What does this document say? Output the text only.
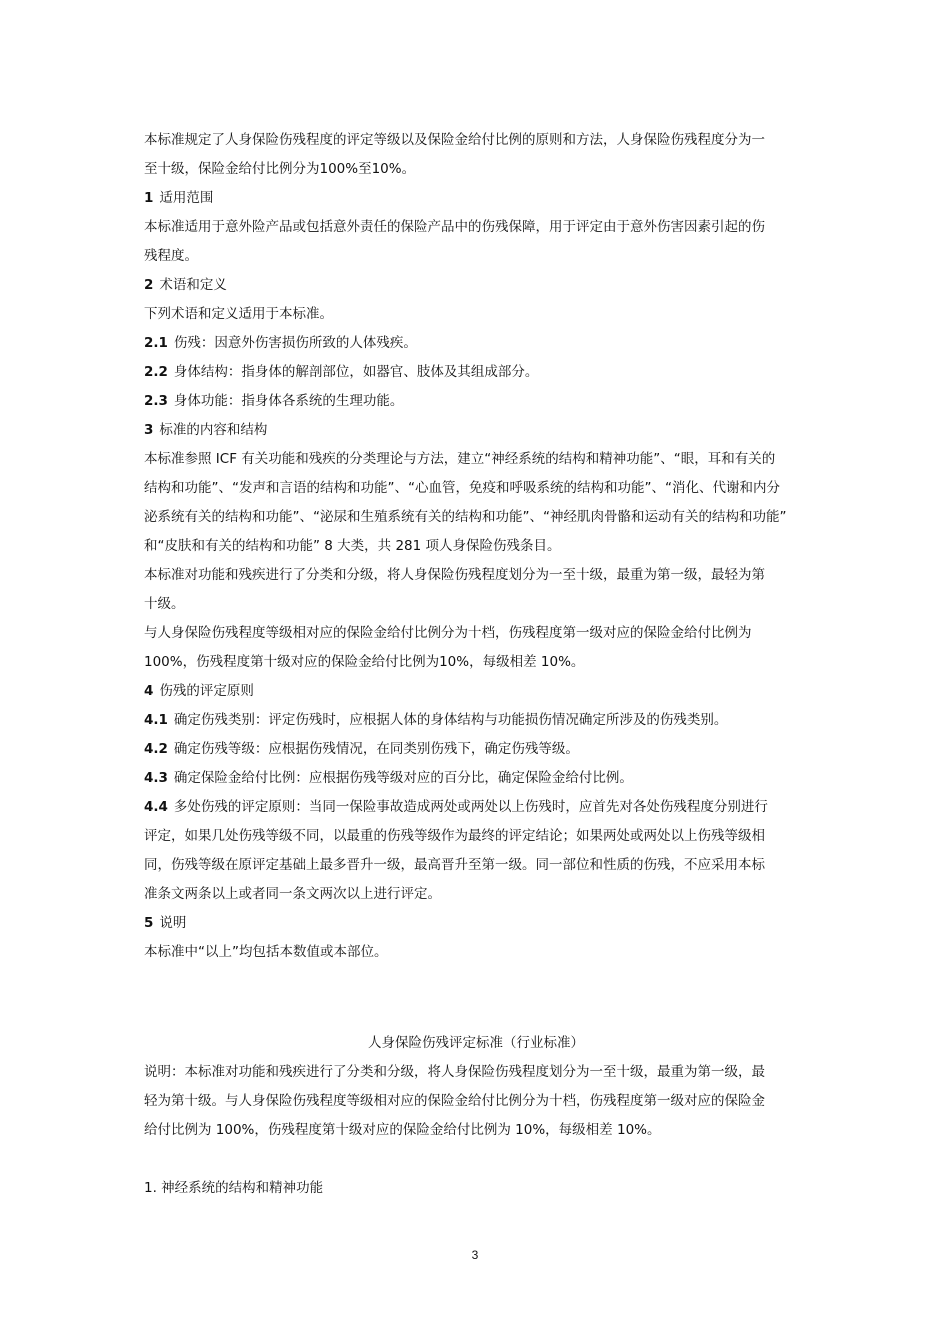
本标准规定了人身保险伤残程度的评定等级以及保险金给付比例的原则和方法，人身保险伤残程度分为一

至十级，保险金给付比例分为100%至10%。

1 适用范围

本标准适用于意外险产品或包括意外责任的保险产品中的伤残保障，用于评定由于意外伤害因素引起的伤

残程度。

2 术语和定义

下列术语和定义适用于本标准。

2.1 伤残：因意外伤害损伤所致的人体残疾。

2.2 身体结构：指身体的解剖部位，如器官、肢体及其组成部分。

2.3 身体功能：指身体各系统的生理功能。

3 标准的内容和结构

本标准参照 ICF 有关功能和残疾的分类理论与方法，建立“神经系统的结构和精神功能”、“眼，耳和有关的

结构和功能”、“发声和言语的结构和功能”、“心血管，免疫和呼吸系统的结构和功能”、“消化、代谢和内分

泌系统有关的结构和功能”、“泌尿和生殖系统有关的结构和功能”、“神经肌肉骨骼和运动有关的结构和功能”

和“皮肤和有关的结构和功能” 8 大类，共 281 项人身保险伤残条目。

本标准对功能和残疾进行了分类和分级，将人身保险伤残程度划分为一至十级，最重为第一级，最轻为第

十级。

与人身保险伤残程度等级相对应的保险金给付比例分为十档，伤残程度第一级对应的保险金给付比例为

100%，伤残程度第十级对应的保险金给付比例为10%，每级相差 10%。

4 伤残的评定原则

4.1 确定伤残类别：评定伤残时，应根据人体的身体结构与功能损伤情况确定所涉及的伤残类别。

4.2 确定伤残等级：应根据伤残情况，在同类别伤残下，确定伤残等级。

4.3 确定保险金给付比例：应根据伤残等级对应的百分比，确定保险金给付比例。

4.4 多处伤残的评定原则：当同一保险事故造成两处或两处以上伤残时，应首先对各处伤残程度分别进行

评定，如果几处伤残等级不同，以最重的伤残等级作为最终的评定结论；如果两处或两处以上伤残等级相

同，伤残等级在原评定基础上最多晋升一级，最高晋升至第一级。同一部位和性质的伤残，不应采用本标

准条文两条以上或者同一条文两次以上进行评定。

5 说明

本标准中“以上”均包括本数值或本部位。

人身保险伤残评定标准（行业标准）

说明：本标准对功能和残疾进行了分类和分级，将人身保险伤残程度划分为一至十级，最重为第一级，最

轻为第十级。与人身保险伤残程度等级相对应的保险金给付比例分为十档，伤残程度第一级对应的保险金

给付比例为 100%，伤残程度第十级对应的保险金给付比例为 10%，每级相差 10%。

1. 神经系统的结构和精神功能

3
